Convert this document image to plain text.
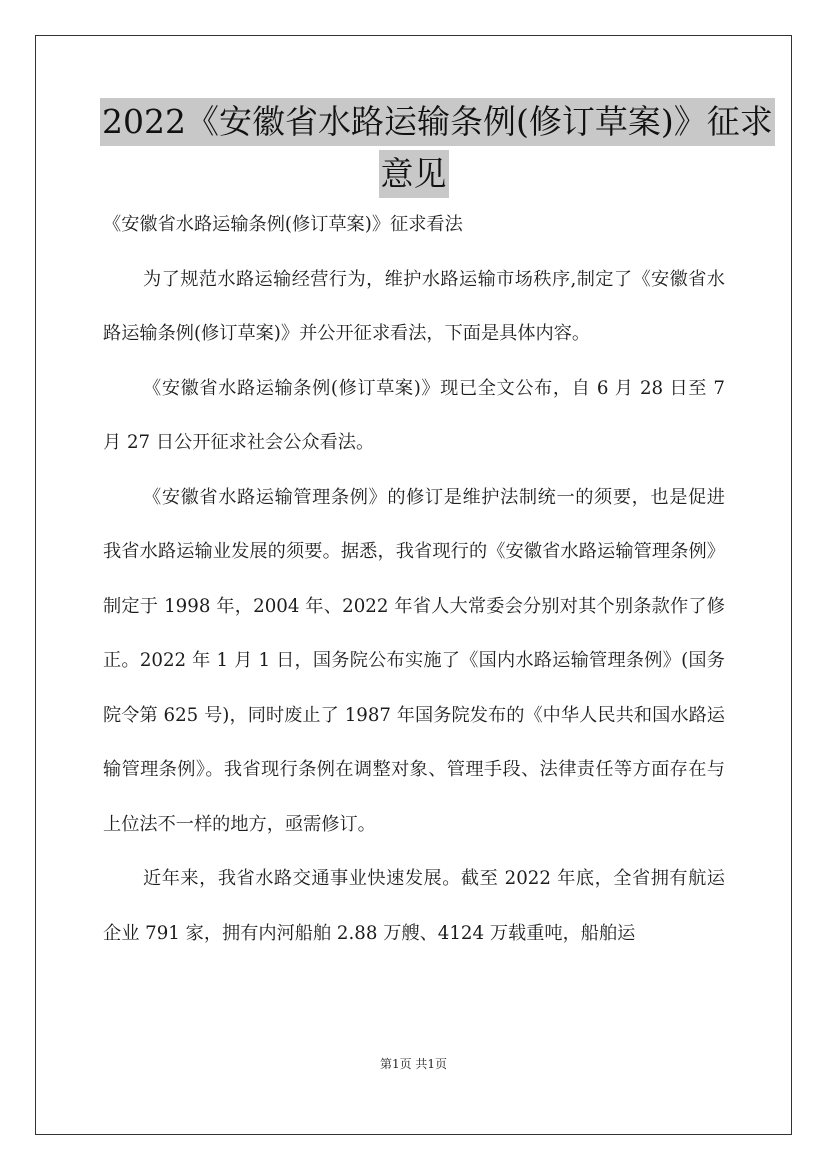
2022《安徽省水路运输条例(修订草案)》征求
意见

《安徽省水路运输条例(修订草案)》征求看法

为了规范水路运输经营行为，维护水路运输市场秩序,制定了《安徽省水路运输条例(修订草案)》并公开征求看法，下面是具体内容。

《安徽省水路运输条例(修订草案)》现已全文公布，自 6 月 28 日至 7 月 27 日公开征求社会公众看法。

《安徽省水路运输管理条例》的修订是维护法制统一的须要，也是促进我省水路运输业发展的须要。据悉，我省现行的《安徽省水路运输管理条例》制定于 1998 年，2004 年、2022 年省人大常委会分别对其个别条款作了修正。2022 年 1 月 1 日，国务院公布实施了《国内水路运输管理条例》(国务院令第 625 号)，同时废止了 1987 年国务院发布的《中华人民共和国水路运输管理条例》。我省现行条例在调整对象、管理手段、法律责任等方面存在与上位法不一样的地方，亟需修订。

近年来，我省水路交通事业快速发展。截至 2022 年底，全省拥有航运企业 791 家，拥有内河船舶 2.88 万艘、4124 万载重吨，船舶运

第1页 共1页
